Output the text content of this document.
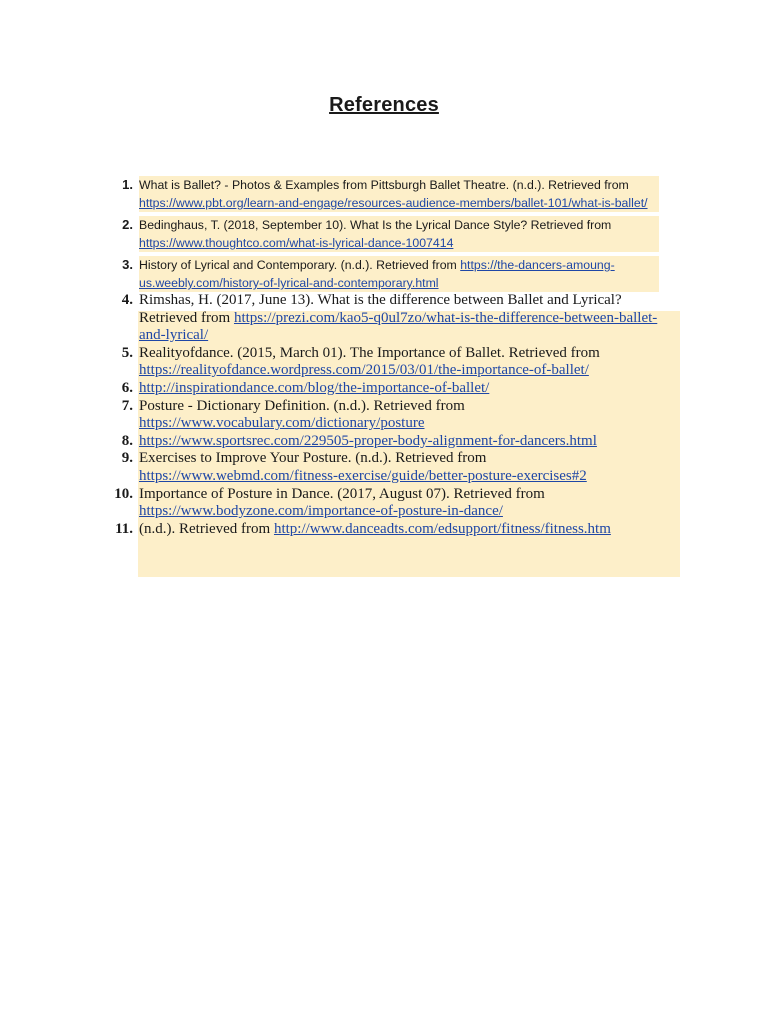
References
1. What is Ballet? - Photos & Examples from Pittsburgh Ballet Theatre. (n.d.). Retrieved from https://www.pbt.org/learn-and-engage/resources-audience-members/ballet-101/what-is-ballet/
2. Bedinghaus, T. (2018, September 10). What Is the Lyrical Dance Style? Retrieved from https://www.thoughtco.com/what-is-lyrical-dance-1007414
3. History of Lyrical and Contemporary. (n.d.). Retrieved from https://the-dancers-amoung-us.weebly.com/history-of-lyrical-and-contemporary.html
4. Rimshas, H. (2017, June 13). What is the difference between Ballet and Lyrical? Retrieved from https://prezi.com/kao5-q0ul7zo/what-is-the-difference-between-ballet-and-lyrical/
5. Realityofdance. (2015, March 01). The Importance of Ballet. Retrieved from https://realityofdance.wordpress.com/2015/03/01/the-importance-of-ballet/
6. http://inspirationdance.com/blog/the-importance-of-ballet/
7. Posture - Dictionary Definition. (n.d.). Retrieved from https://www.vocabulary.com/dictionary/posture
8. https://www.sportsrec.com/229505-proper-body-alignment-for-dancers.html
9. Exercises to Improve Your Posture. (n.d.). Retrieved from https://www.webmd.com/fitness-exercise/guide/better-posture-exercises#2
10. Importance of Posture in Dance. (2017, August 07). Retrieved from https://www.bodyzone.com/importance-of-posture-in-dance/
11. (n.d.). Retrieved from http://www.danceadts.com/edsupport/fitness/fitness.htm
